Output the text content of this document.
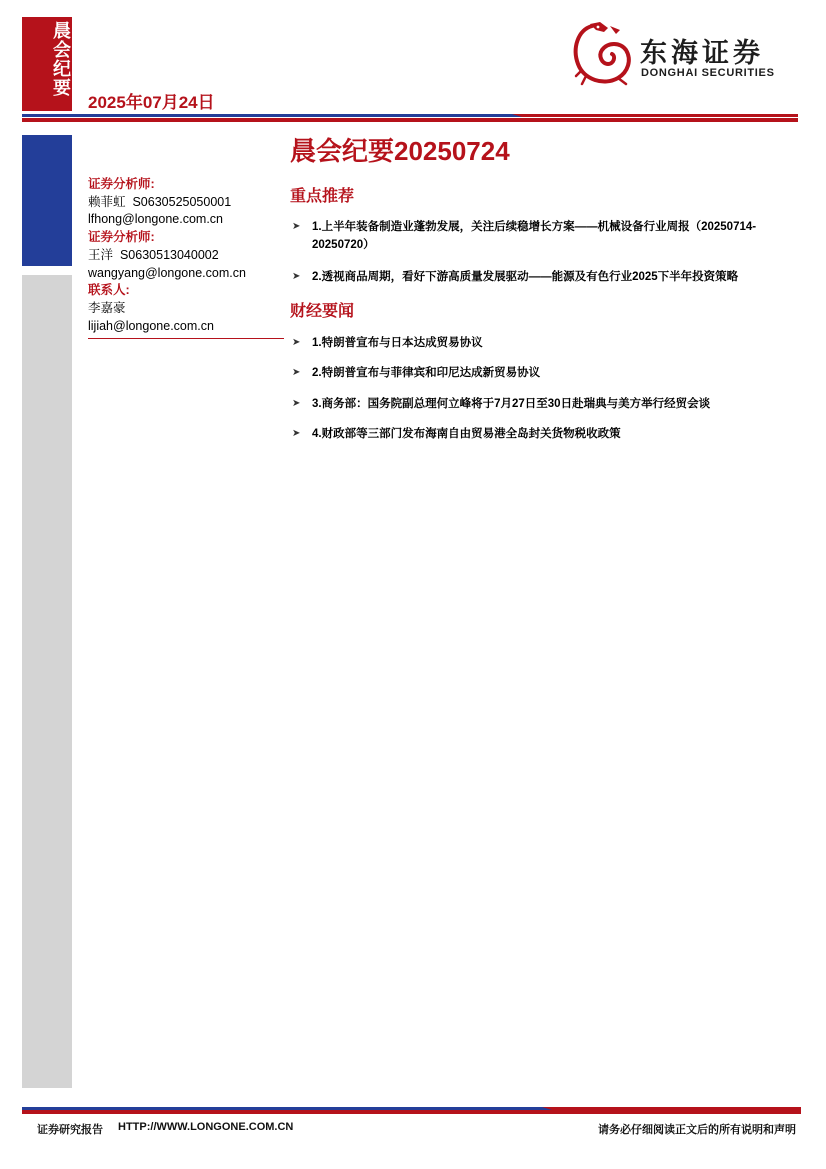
晨会纪要
2025年07月24日
东海证券
DONGHAI SECURITIES
晨会纪要20250724
证券分析师:
赖菲虹 S0630525050001
lfhong@longone.com.cn
证券分析师:
王洋 S0630513040002
wangyang@longone.com.cn
联系人:
李嘉豪
lijiah@longone.com.cn
重点推荐
➤ 1.上半年装备制造业蓬勃发展，关注后续稳增长方案——机械设备行业周报（20250714-
20250720）
➤ 2.透视商品周期，看好下游高质量发展驱动——能源及有色行业2025下半年投资策略
财经要闻
➤ 1.特朗普宣布与日本达成贸易协议
➤ 2.特朗普宣布与菲律宾和印尼达成新贸易协议
➤ 3.商务部：国务院副总理何立峰将于7月27日至30日赴瑞典与美方举行经贸会谈
➤ 4.财政部等三部门发布海南自由贸易港全岛封关货物税收政策
证券研究报告 HTTP://WWW.LONGONE.COM.CN	请务必仔细阅读正文后的所有说明和声明
